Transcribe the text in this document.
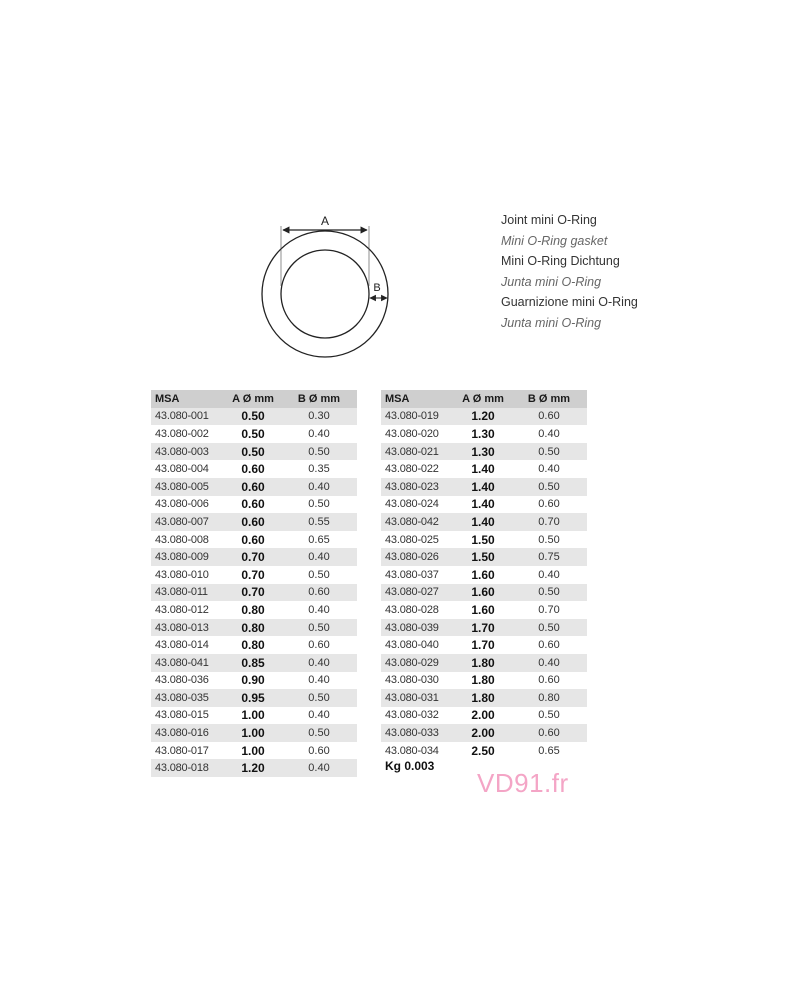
A
B
Joint mini O-Ring
Mini O-Ring gasket
Mini O-Ring Dichtung
Junta mini O-Ring
Guarnizione mini O-Ring
Junta mini O-Ring
MSA	A Ø mm	B Ø mm
43.080-001	0.50	0.30
43.080-002	0.50	0.40
43.080-003	0.50	0.50
43.080-004	0.60	0.35
43.080-005	0.60	0.40
43.080-006	0.60	0.50
43.080-007	0.60	0.55
43.080-008	0.60	0.65
43.080-009	0.70	0.40
43.080-010	0.70	0.50
43.080-011	0.70	0.60
43.080-012	0.80	0.40
43.080-013	0.80	0.50
43.080-014	0.80	0.60
43.080-041	0.85	0.40
43.080-036	0.90	0.40
43.080-035	0.95	0.50
43.080-015	1.00	0.40
43.080-016	1.00	0.50
43.080-017	1.00	0.60
43.080-018	1.20	0.40
MSA	A Ø mm	B Ø mm
43.080-019	1.20	0.60
43.080-020	1.30	0.40
43.080-021	1.30	0.50
43.080-022	1.40	0.40
43.080-023	1.40	0.50
43.080-024	1.40	0.60
43.080-042	1.40	0.70
43.080-025	1.50	0.50
43.080-026	1.50	0.75
43.080-037	1.60	0.40
43.080-027	1.60	0.50
43.080-028	1.60	0.70
43.080-039	1.70	0.50
43.080-040	1.70	0.60
43.080-029	1.80	0.40
43.080-030	1.80	0.60
43.080-031	1.80	0.80
43.080-032	2.00	0.50
43.080-033	2.00	0.60
43.080-034	2.50	0.65
Kg 0.003
VD91.fr
